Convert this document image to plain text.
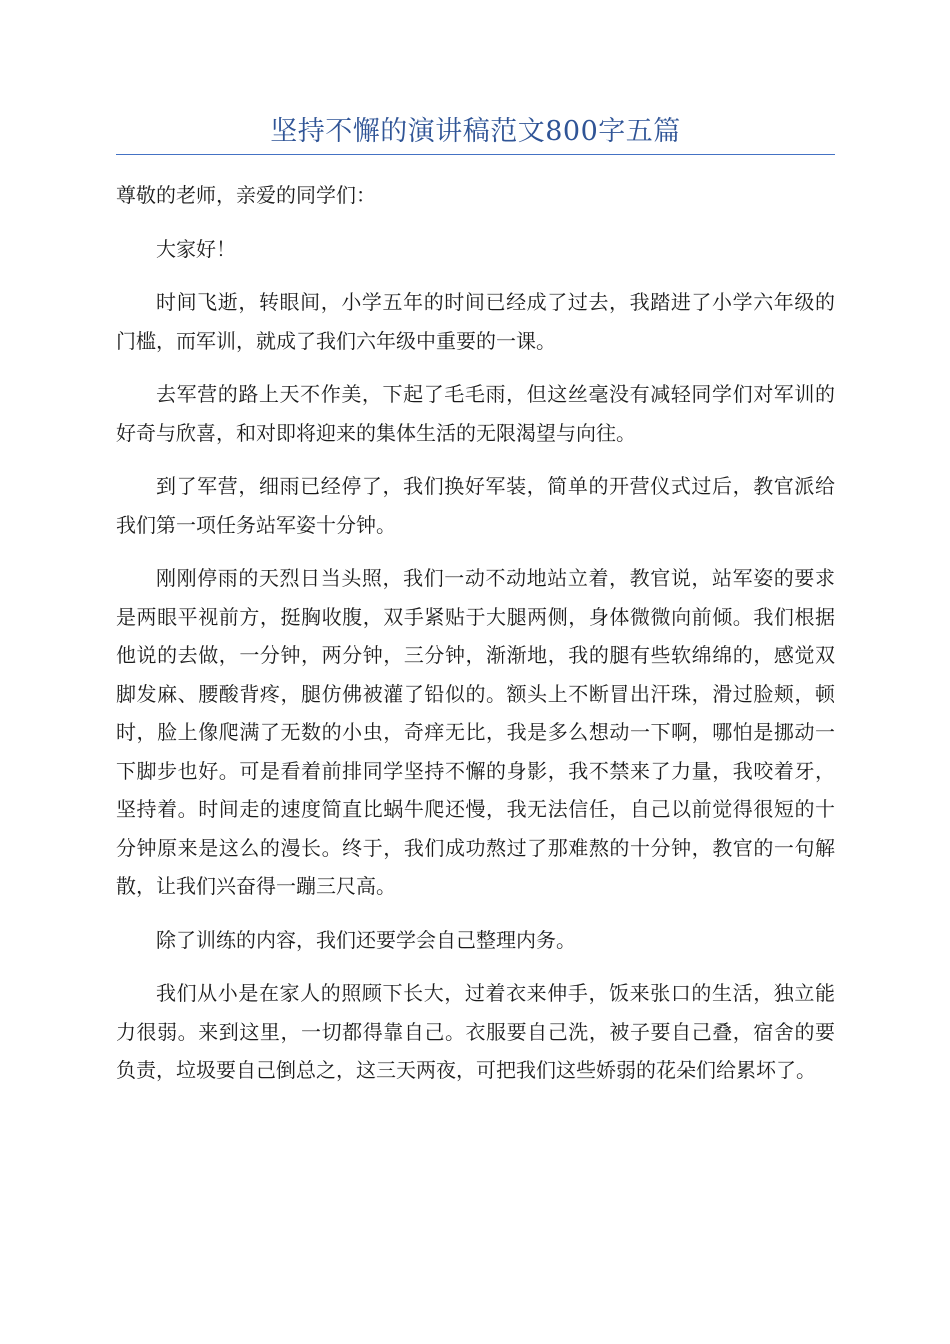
坚持不懈的演讲稿范文800字五篇

尊敬的老师，亲爱的同学们：

大家好！

时间飞逝，转眼间，小学五年的时间已经成了过去，我踏进了小学六年级的门槛，而军训，就成了我们六年级中重要的一课。

去军营的路上天不作美，下起了毛毛雨，但这丝毫没有减轻同学们对军训的好奇与欣喜，和对即将迎来的集体生活的无限渴望与向往。

到了军营，细雨已经停了，我们换好军装，简单的开营仪式过后，教官派给我们第一项任务站军姿十分钟。

刚刚停雨的天烈日当头照，我们一动不动地站立着，教官说，站军姿的要求是两眼平视前方，挺胸收腹，双手紧贴于大腿两侧，身体微微向前倾。我们根据他说的去做，一分钟，两分钟，三分钟，渐渐地，我的腿有些软绵绵的，感觉双脚发麻、腰酸背疼，腿仿佛被灌了铅似的。额头上不断冒出汗珠，滑过脸颊，顿时，脸上像爬满了无数的小虫，奇痒无比，我是多么想动一下啊，哪怕是挪动一下脚步也好。可是看着前排同学坚持不懈的身影，我不禁来了力量，我咬着牙，坚持着。时间走的速度简直比蜗牛爬还慢，我无法信任，自己以前觉得很短的十分钟原来是这么的漫长。终于，我们成功熬过了那难熬的十分钟，教官的一句解散，让我们兴奋得一蹦三尺高。

除了训练的内容，我们还要学会自己整理内务。

我们从小是在家人的照顾下长大，过着衣来伸手，饭来张口的生活，独立能力很弱。来到这里，一切都得靠自己。衣服要自己洗，被子要自己叠，宿舍的要负责，垃圾要自己倒总之，这三天两夜，可把我们这些娇弱的花朵们给累坏了。
